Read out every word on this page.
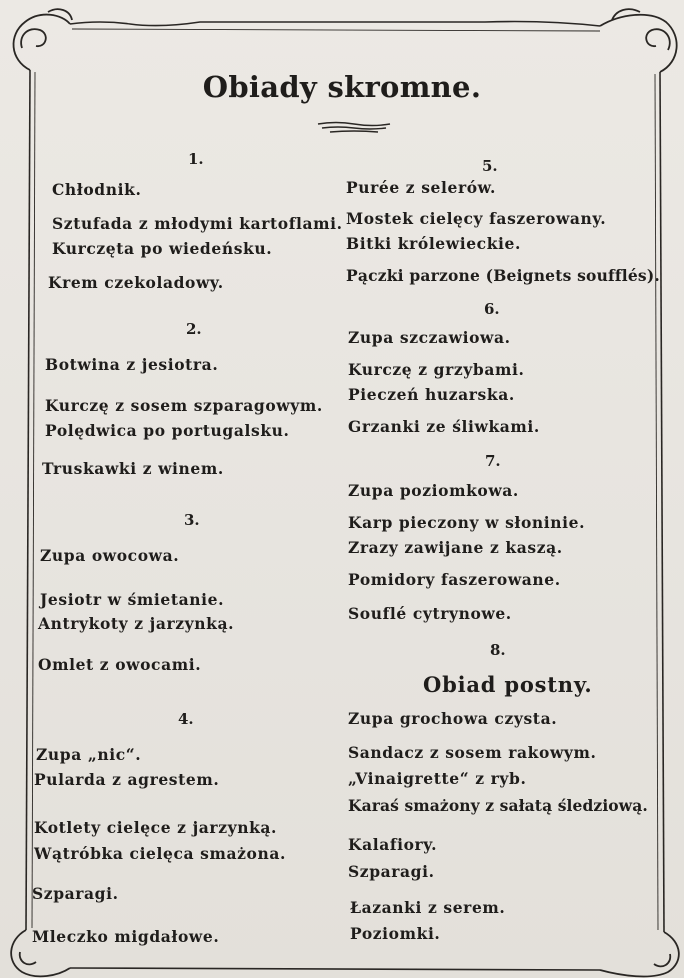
Obiady skromne.
1.
Chłodnik.
Sztufada z młodymi kartoflami.
Kurczęta po wiedeńsku.
Krem czekoladowy.
2.
Botwina z jesiotra.
Kurczę z sosem szparagowym.
Polędwica po portugalsku.
Truskawki z winem.
3.
Zupa owocowa.
Jesiotr w śmietanie.
Antrykoty z jarzynką.
Omlet z owocami.
4.
Zupa „nic“.
Pularda z agrestem.
Kotlety cielęce z jarzynką.
Wątróbka cielęca smażona.
Szparagi.
Mleczko migdałowe.
5.
Purée z selerów.
Mostek cielęcy faszerowany.
Bitki królewieckie.
Pączki parzone (Beignets soufflés).
6.
Zupa szczawiowa.
Kurczę z grzybami.
Pieczeń huzarska.
Grzanki ze śliwkami.
7.
Zupa poziomkowa.
Karp pieczony w słoninie.
Zrazy zawijane z kaszą.
Pomidory faszerowane.
Souflé cytrynowe.
8.
Obiad postny.
Zupa grochowa czysta.
Sandacz z sosem rakowym.
„Vinaigrette“ z ryb.
Karaś smażony z sałatą śledziową.
Kalafiory.
Szparagi.
Łazanki z serem.
Poziomki.
